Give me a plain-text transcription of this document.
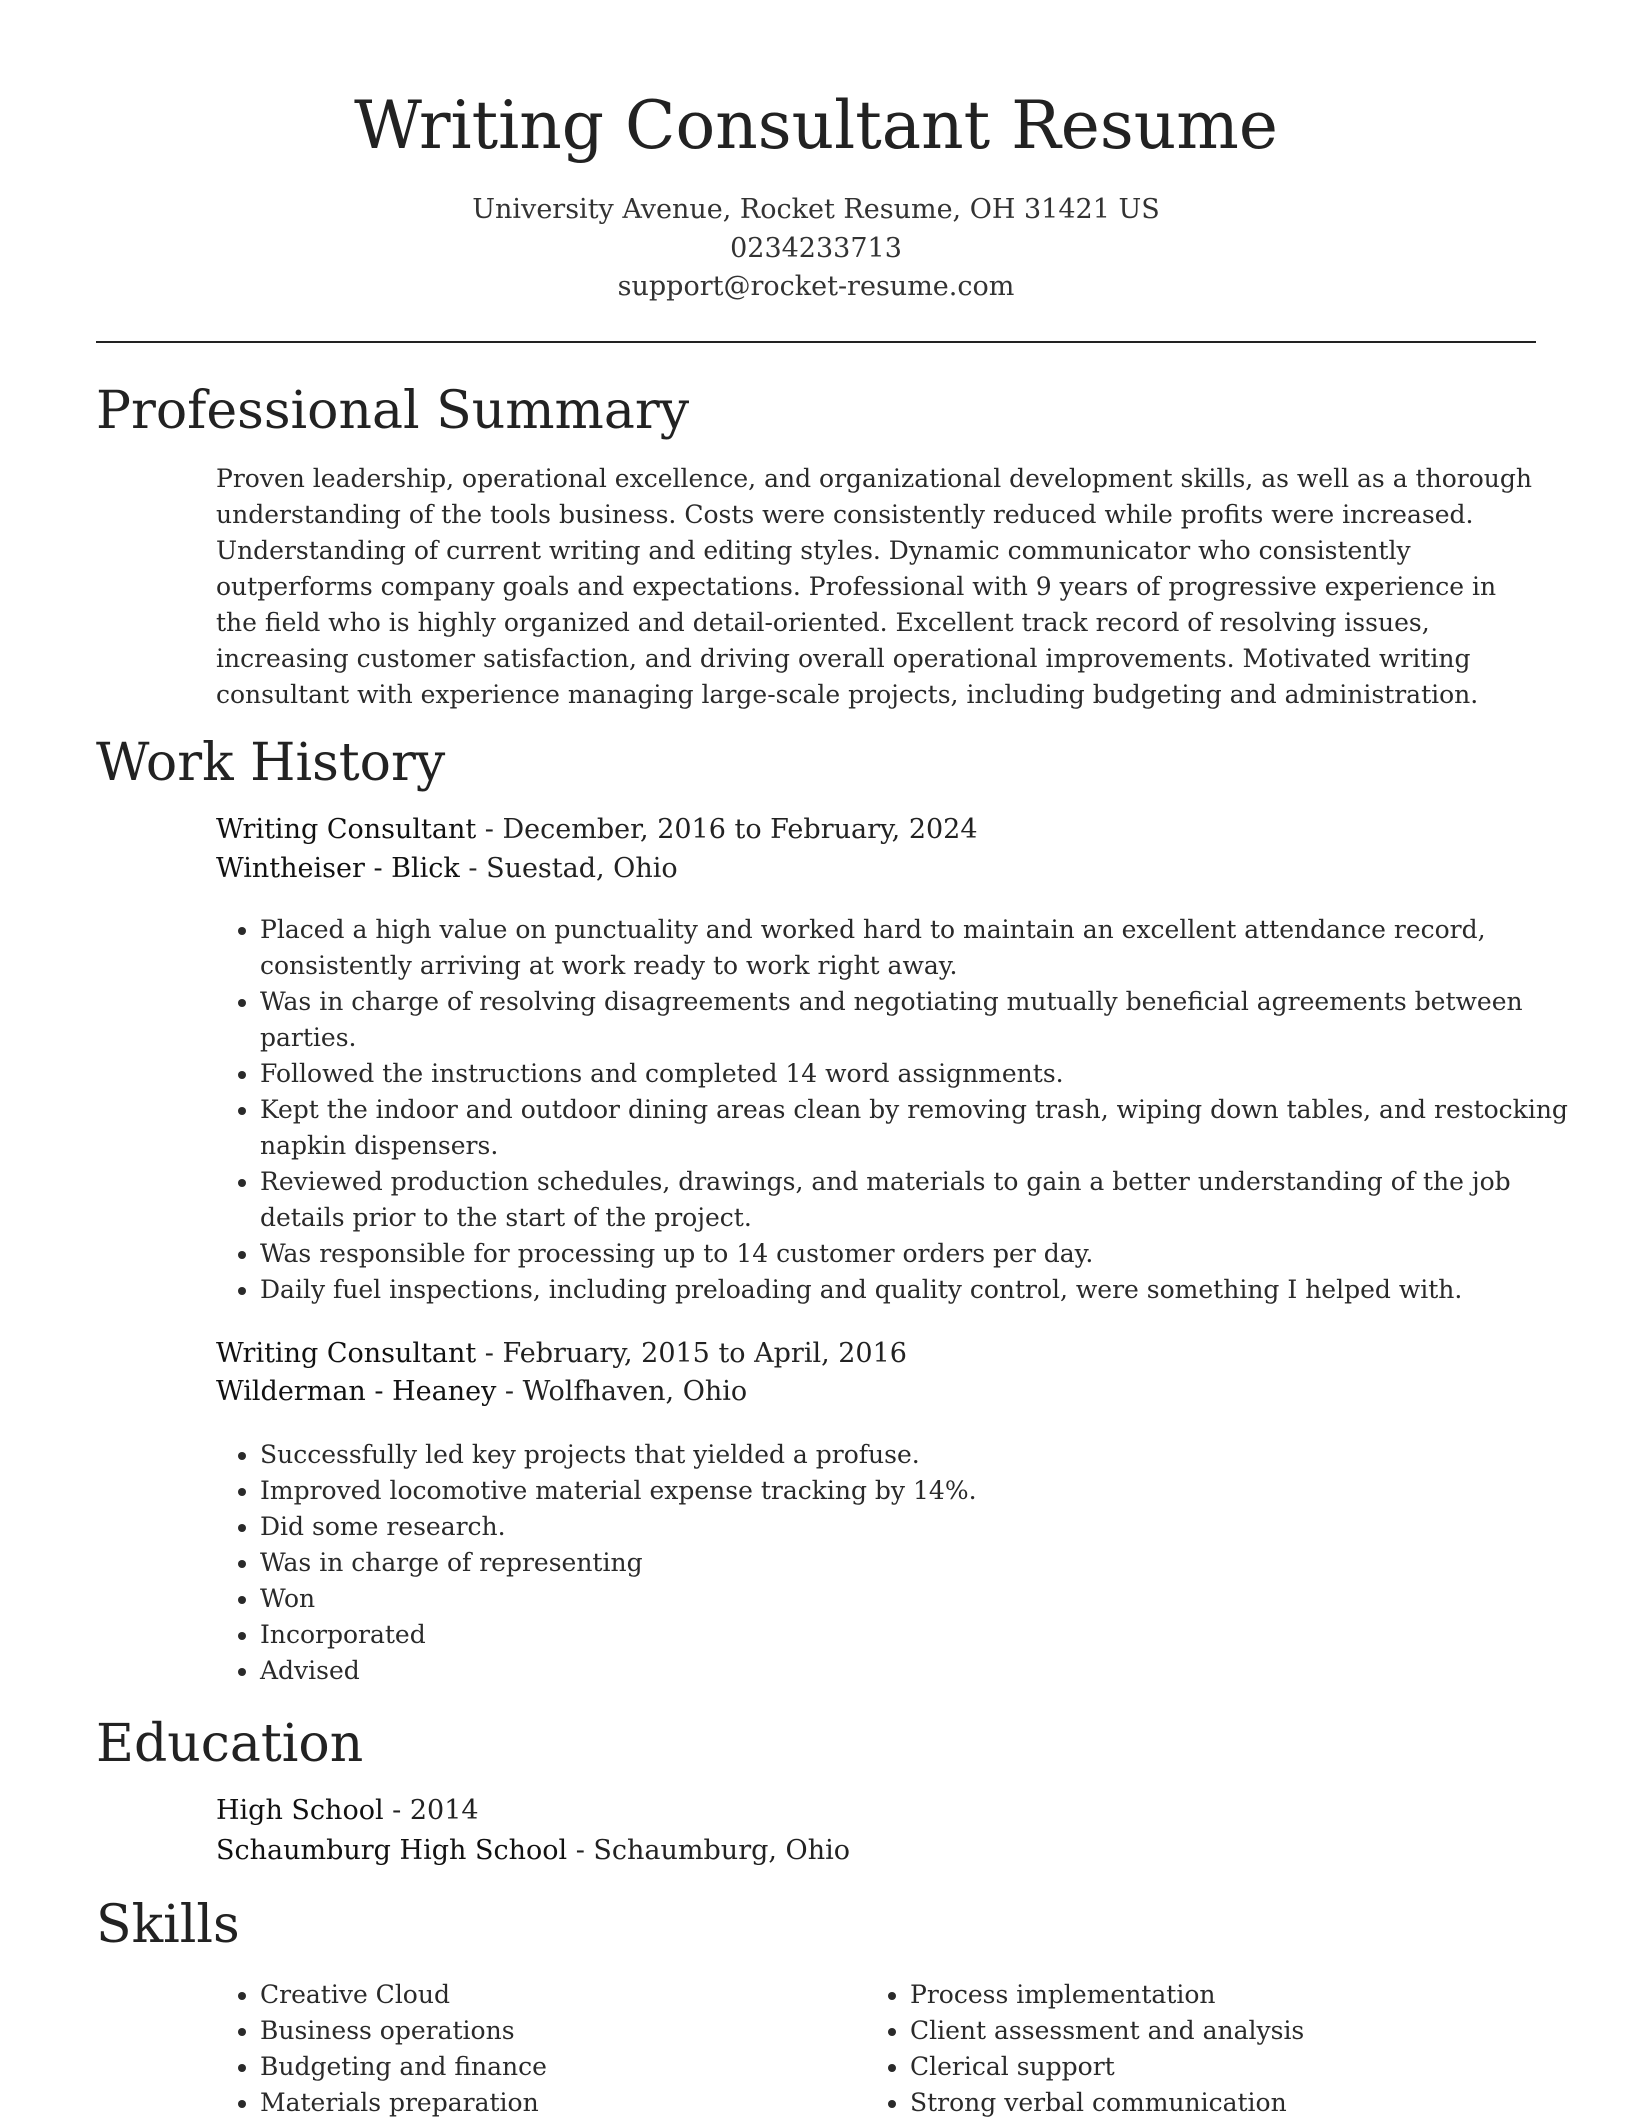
Writing Consultant Resume
University Avenue, Rocket Resume, OH 31421 US
0234233713
support@rocket-resume.com
Professional Summary

Proven leadership, operational excellence, and organizational development skills, as well as a thorough understanding of the tools business. Costs were consistently reduced while profits were increased. Understanding of current writing and editing styles. Dynamic communicator who consistently outperforms company goals and expectations. Professional with 9 years of progressive experience in the field who is highly organized and detail-oriented. Excellent track record of resolving issues, increasing customer satisfaction, and driving overall operational improvements. Motivated writing consultant with experience managing large-scale projects, including budgeting and administration.

Work History
Writing Consultant - December, 2016 to February, 2024
Wintheiser - Blick - Suestad, Ohio
• Placed a high value on punctuality and worked hard to maintain an excellent attendance record, consistently arriving at work ready to work right away.
• Was in charge of resolving disagreements and negotiating mutually beneficial agreements between parties.
• Followed the instructions and completed 14 word assignments.
• Kept the indoor and outdoor dining areas clean by removing trash, wiping down tables, and restocking napkin dispensers.
• Reviewed production schedules, drawings, and materials to gain a better understanding of the job details prior to the start of the project.
• Was responsible for processing up to 14 customer orders per day.
• Daily fuel inspections, including preloading and quality control, were something I helped with.
Writing Consultant - February, 2015 to April, 2016
Wilderman - Heaney - Wolfhaven, Ohio
• Successfully led key projects that yielded a profuse.
• Improved locomotive material expense tracking by 14%.
• Did some research.
• Was in charge of representing
• Won
• Incorporated
• Advised
Education
High School - 2014
Schaumburg High School - Schaumburg, Ohio
Skills
• Creative Cloud
• Business operations
• Budgeting and finance
• Materials preparation
• Process implementation
• Client assessment and analysis
• Clerical support
• Strong verbal communication
